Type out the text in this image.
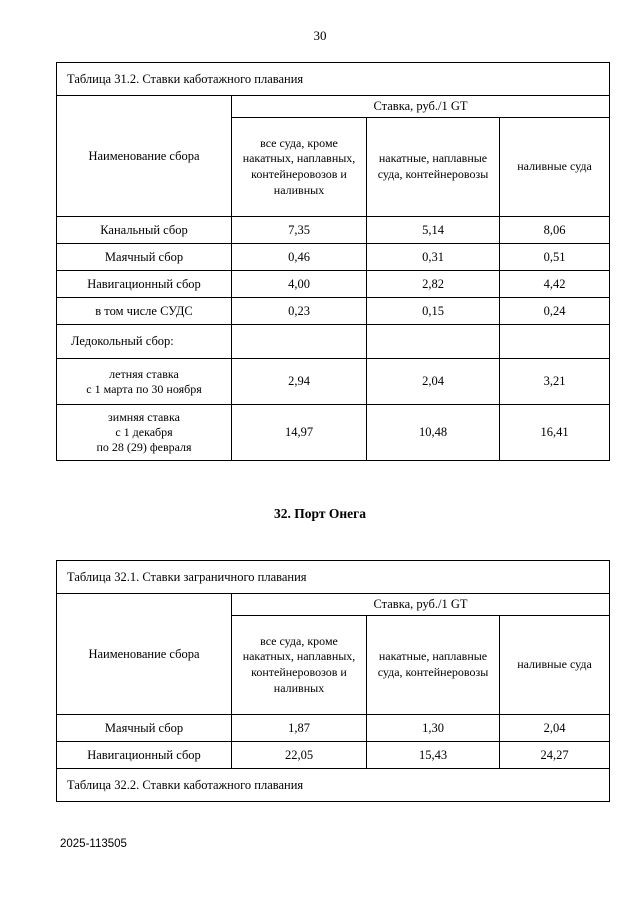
30
Таблица 31.2. Ставки каботажного плавания			
Наименование сбора	Ставка, руб./1 GT		
	все суда, кроме накатных, наплавных, контейнеровозов и наливных	накатные, наплавные суда, контейнеровозы	наливные суда
Канальный сбор	7,35	5,14	8,06
Маячный сбор	0,46	0,31	0,51
Навигационный сбор	4,00	2,82	4,42
в том числе СУДС	0,23	0,15	0,24
Ледокольный сбор:			
летняя ставка
с 1 марта по 30 ноября	2,94	2,04	3,21
зимняя ставка
с 1 декабря
по 28 (29) февраля	14,97	10,48	16,41
32. Порт Онега
Таблица 32.1. Ставки заграничного плавания			
Наименование сбора	Ставка, руб./1 GT		
	все суда, кроме накатных, наплавных, контейнеровозов и наливных	накатные, наплавные суда, контейнеровозы	наливные суда
Маячный сбор	1,87	1,30	2,04
Навигационный сбор	22,05	15,43	24,27
Таблица 32.2. Ставки каботажного плавания			
2025-113505
